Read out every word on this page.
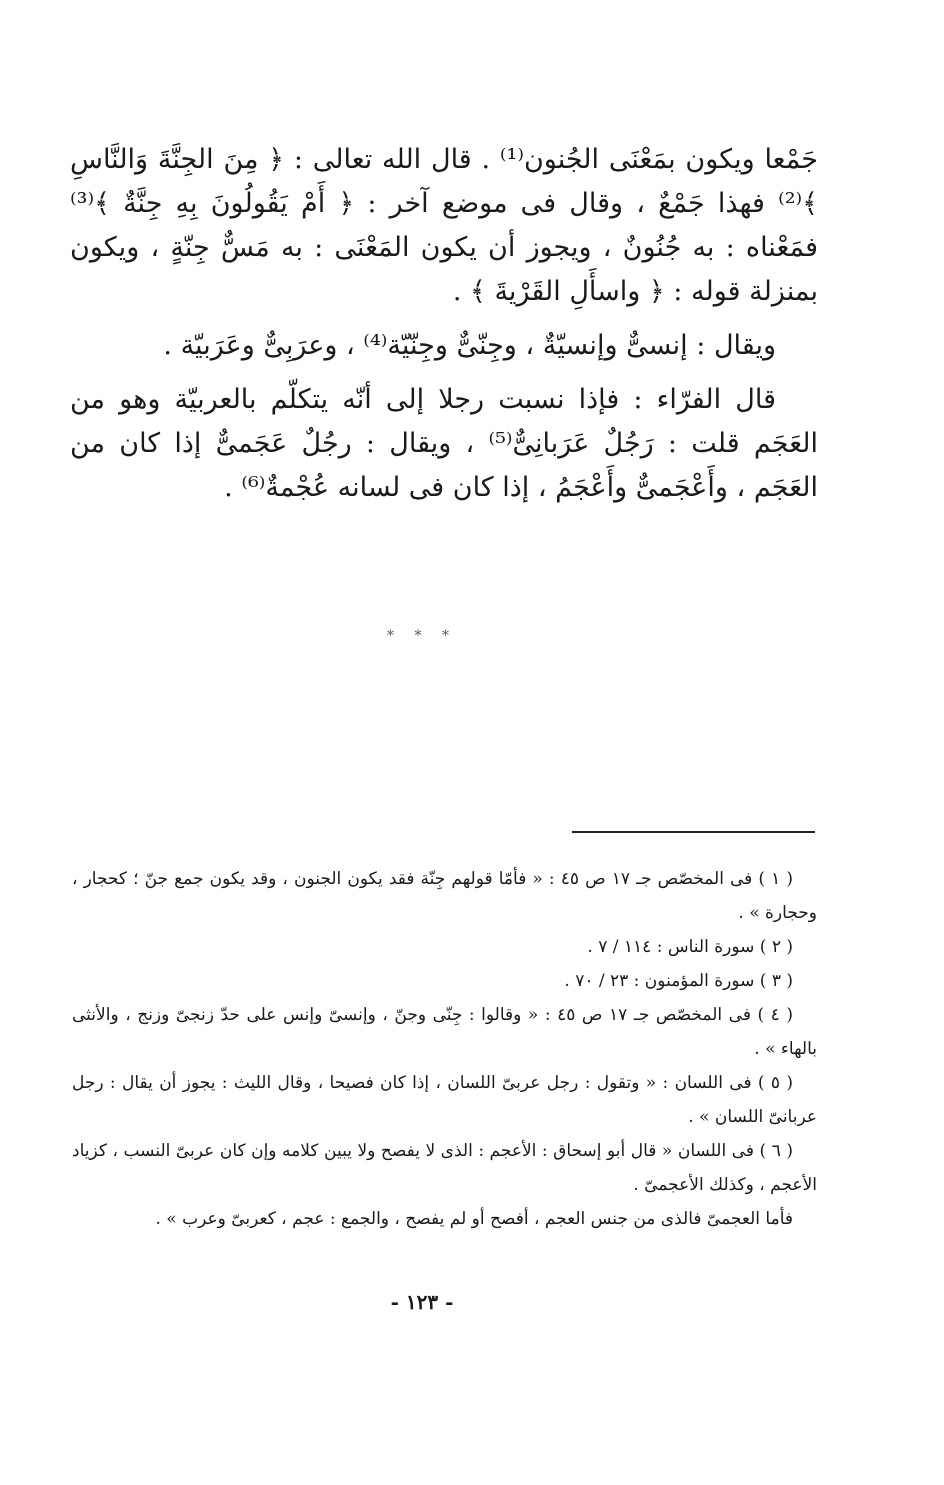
جَمْعا ويكون بمَعْنَى الجُنون⁽¹⁾ . قال الله تعالى : ﴿ مِنَ الجِنَّةَ وَالنَّاسِ ﴾⁽²⁾ فهذا جَمْعٌ ، وقال فى موضع آخر : ﴿ أَمْ يَقُولُونَ بِهِ جِنَّةٌ ﴾⁽³⁾ فمَعْناه : به جُنُونٌ ، ويجوز أن يكون المَعْنَى : به مَسٌّ جِنّةٍ ، ويكون بمنزلة قوله : ﴿ واسأَلِ القَرْيةَ ﴾ .

ويقال : إنسىٌّ وإنسيّةٌ ، وجِنّىٌّ وجِنّيّة⁽⁴⁾ ، وعرَبِىٌّ وعَرَبيّة .

قال الفرّاء : فإذا نسبت رجلا إلى أنّه يتكلّم بالعربيّة وهو من العَجَم قلت : رَجُلٌ عَرَبانِىٌّ⁽⁵⁾ ، ويقال : رجُلٌ عَجَمىٌّ إذا كان من العَجَم ، وأَعْجَمىٌّ وأَعْجَمُ ، إذا كان فى لسانه عُجْمةٌ⁽⁶⁾ .

* * *

( ١ ) فى المخصّص جـ ١٧ ص ٤٥ : « فأمّا قولهم جِنّة فقد يكون الجنون ، وقد يكون جمع جنّ ؛ كحجار ، وحجارة » .

( ٢ ) سورة الناس : ١١٤ / ٧ .

( ٣ ) سورة المؤمنون : ٢٣ / ٧٠ .

( ٤ ) فى المخصّص جـ ١٧ ص ٤٥ : « وقالوا : جِنّى وجنّ ، وإنسىّ وإنس على حدّ زنجىّ وزنج ، والأنثى بالهاء » .

( ٥ ) فى اللسان : « وتقول : رجل عربىّ اللسان ، إذا كان فصيحا ، وقال الليث : يجوز أن يقال : رجل عربانىّ اللسان » .

( ٦ ) فى اللسان « قال أبو إسحاق : الأعجم : الذى لا يفصح ولا يبين كلامه وإن كان عربىّ النسب ، كزياد الأعجم ، وكذلك الأعجمىّ .

فأما العجمىّ فالذى من جنس العجم ، أفصح أو لم يفصح ، والجمع : عجم ، كعربىّ وعرب » .

- ١٢٣ -
